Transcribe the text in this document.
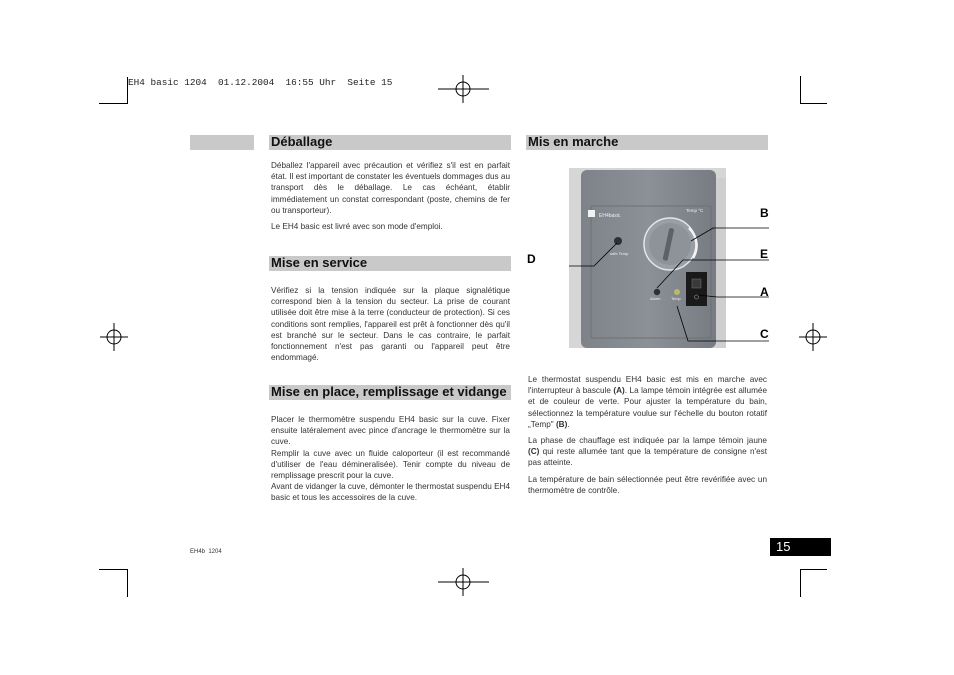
EH4 basic 1204  01.12.2004  16:55 Uhr  Seite 15
Déballage

Déballez l'appareil avec précaution et vérifiez s'il est en parfait état. Il est important de constater les éventuels dommages dus au transport dès le déballage. Le cas échéant, établir immédiatement un constat correspondant (poste, chemins de fer ou transporteur).

Le EH4 basic est livré avec son mode d'emploi.

Mise en service

Vérifiez si la tension indiquée sur la plaque signalétique correspond bien à la tension du secteur. La prise de courant utilisée doit être mise à la terre (conducteur de protection). Si ces conditions sont remplies, l'appareil est prêt à fonctionner dès qu'il est branché sur le secteur. Dans le cas contraire, le parfait fonctionnement n'est pas garanti ou l'appareil peut être endommagé.

Mise en place, remplissage et vidange

Placer le thermomètre suspendu EH4 basic sur la cuve. Fixer ensuite latéralement avec pince d'ancrage le thermomètre sur la cuve.

Remplir la cuve avec un fluide caloporteur (il est recommandé d'utiliser de l'eau démineralisée). Tenir compte du niveau de remplissage prescrit pour la cuve.

Avant de vidanger la cuve, démonter le thermostat suspendu EH4 basic et tous les accessoires de la cuve.

Mis en marche
EH4basic
Temp °C
safe Temp
Alarm	Temp
B
D	E
A
C

Le thermostat suspendu EH4 basic est mis en marche avec l'interrupteur à bascule (A). La lampe témoin intégrée est allumée et de couleur de verte. Pour ajuster la température du bain, sélectionnez la température voulue sur l'échelle du bouton rotatif „Temp" (B).

La phase de chauffage est indiquée par la lampe témoin jaune (C) qui reste allumée tant que la température de consigne n'est pas atteinte.

La température de bain sélectionnée peut être revérifiée avec un thermomètre de contrôle.

EH4b  1204	15
